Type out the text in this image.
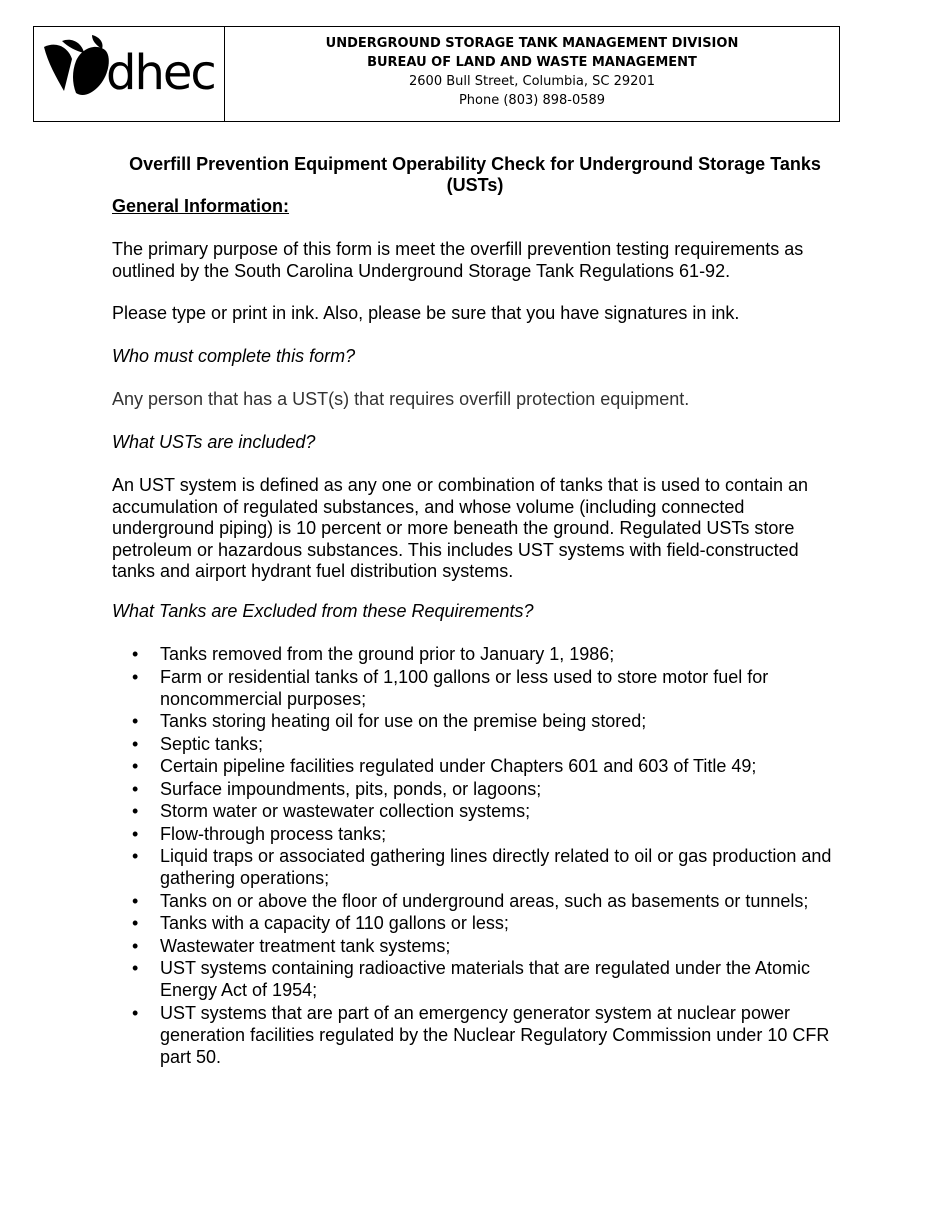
dhec
UNDERGROUND STORAGE TANK MANAGEMENT DIVISION
BUREAU OF LAND AND WASTE MANAGEMENT
2600 Bull Street, Columbia, SC 29201
Phone (803) 898-0589
Overfill Prevention Equipment Operability Check for Underground Storage Tanks
(USTs)
General Information:
The primary purpose of this form is meet the overfill prevention testing requirements as outlined by the South Carolina Underground Storage Tank Regulations 61-92.
Please type or print in ink. Also, please be sure that you have signatures in ink.
Who must complete this form?
Any person that has a UST(s) that requires overfill protection equipment.
What USTs are included?
An UST system is defined as any one or combination of tanks that is used to contain an accumulation of regulated substances, and whose volume (including connected underground piping) is 10 percent or more beneath the ground. Regulated USTs store petroleum or hazardous substances. This includes UST systems with field-constructed tanks and airport hydrant fuel distribution systems.
What Tanks are Excluded from these Requirements?
• Tanks removed from the ground prior to January 1, 1986;
• Farm or residential tanks of 1,100 gallons or less used to store motor fuel for noncommercial purposes;
• Tanks storing heating oil for use on the premise being stored;
• Septic tanks;
• Certain pipeline facilities regulated under Chapters 601 and 603 of Title 49;
• Surface impoundments, pits, ponds, or lagoons;
• Storm water or wastewater collection systems;
• Flow-through process tanks;
• Liquid traps or associated gathering lines directly related to oil or gas production and gathering operations;
• Tanks on or above the floor of underground areas, such as basements or tunnels;
• Tanks with a capacity of 110 gallons or less;
• Wastewater treatment tank systems;
• UST systems containing radioactive materials that are regulated under the Atomic Energy Act of 1954;
• UST systems that are part of an emergency generator system at nuclear power generation facilities regulated by the Nuclear Regulatory Commission under 10 CFR part 50.
